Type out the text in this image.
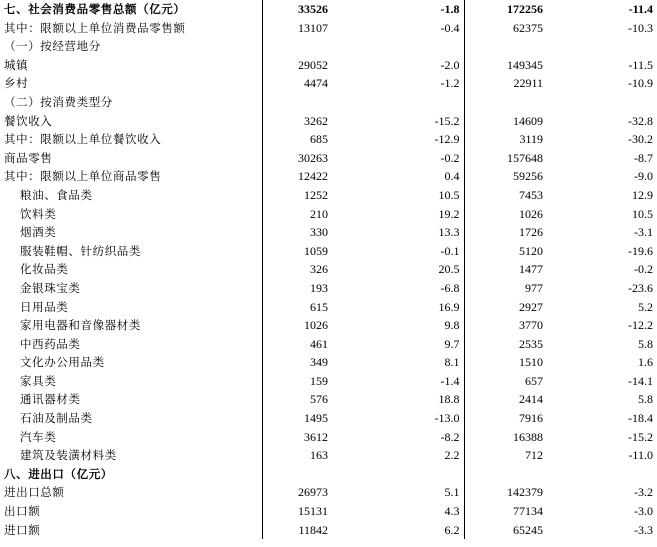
七、社会消费品零售总额（亿元）	33526	-1.8	172256	-11.4
其中：限额以上单位消费品零售额	13107	-0.4	62375	-10.3
（一）按经营地分				
城镇	29052	-2.0	149345	-11.5
乡村	4474	-1.2	22911	-10.9
（二）按消费类型分				
餐饮收入	3262	-15.2	14609	-32.8
其中：限额以上单位餐饮收入	685	-12.9	3119	-30.2
商品零售	30263	-0.2	157648	-8.7
其中：限额以上单位商品零售	12422	0.4	59256	-9.0
粮油、食品类	1252	10.5	7453	12.9
饮料类	210	19.2	1026	10.5
烟酒类	330	13.3	1726	-3.1
服装鞋帽、针纺织品类	1059	-0.1	5120	-19.6
化妆品类	326	20.5	1477	-0.2
金银珠宝类	193	-6.8	977	-23.6
日用品类	615	16.9	2927	5.2
家用电器和音像器材类	1026	9.8	3770	-12.2
中西药品类	461	9.7	2535	5.8
文化办公用品类	349	8.1	1510	1.6
家具类	159	-1.4	657	-14.1
通讯器材类	576	18.8	2414	5.8
石油及制品类	1495	-13.0	7916	-18.4
汽车类	3612	-8.2	16388	-15.2
建筑及装潢材料类	163	2.2	712	-11.0
八、进出口（亿元）				
进出口总额	26973	5.1	142379	-3.2
出口额	15131	4.3	77134	-3.0
进口额	11842	6.2	65245	-3.3
